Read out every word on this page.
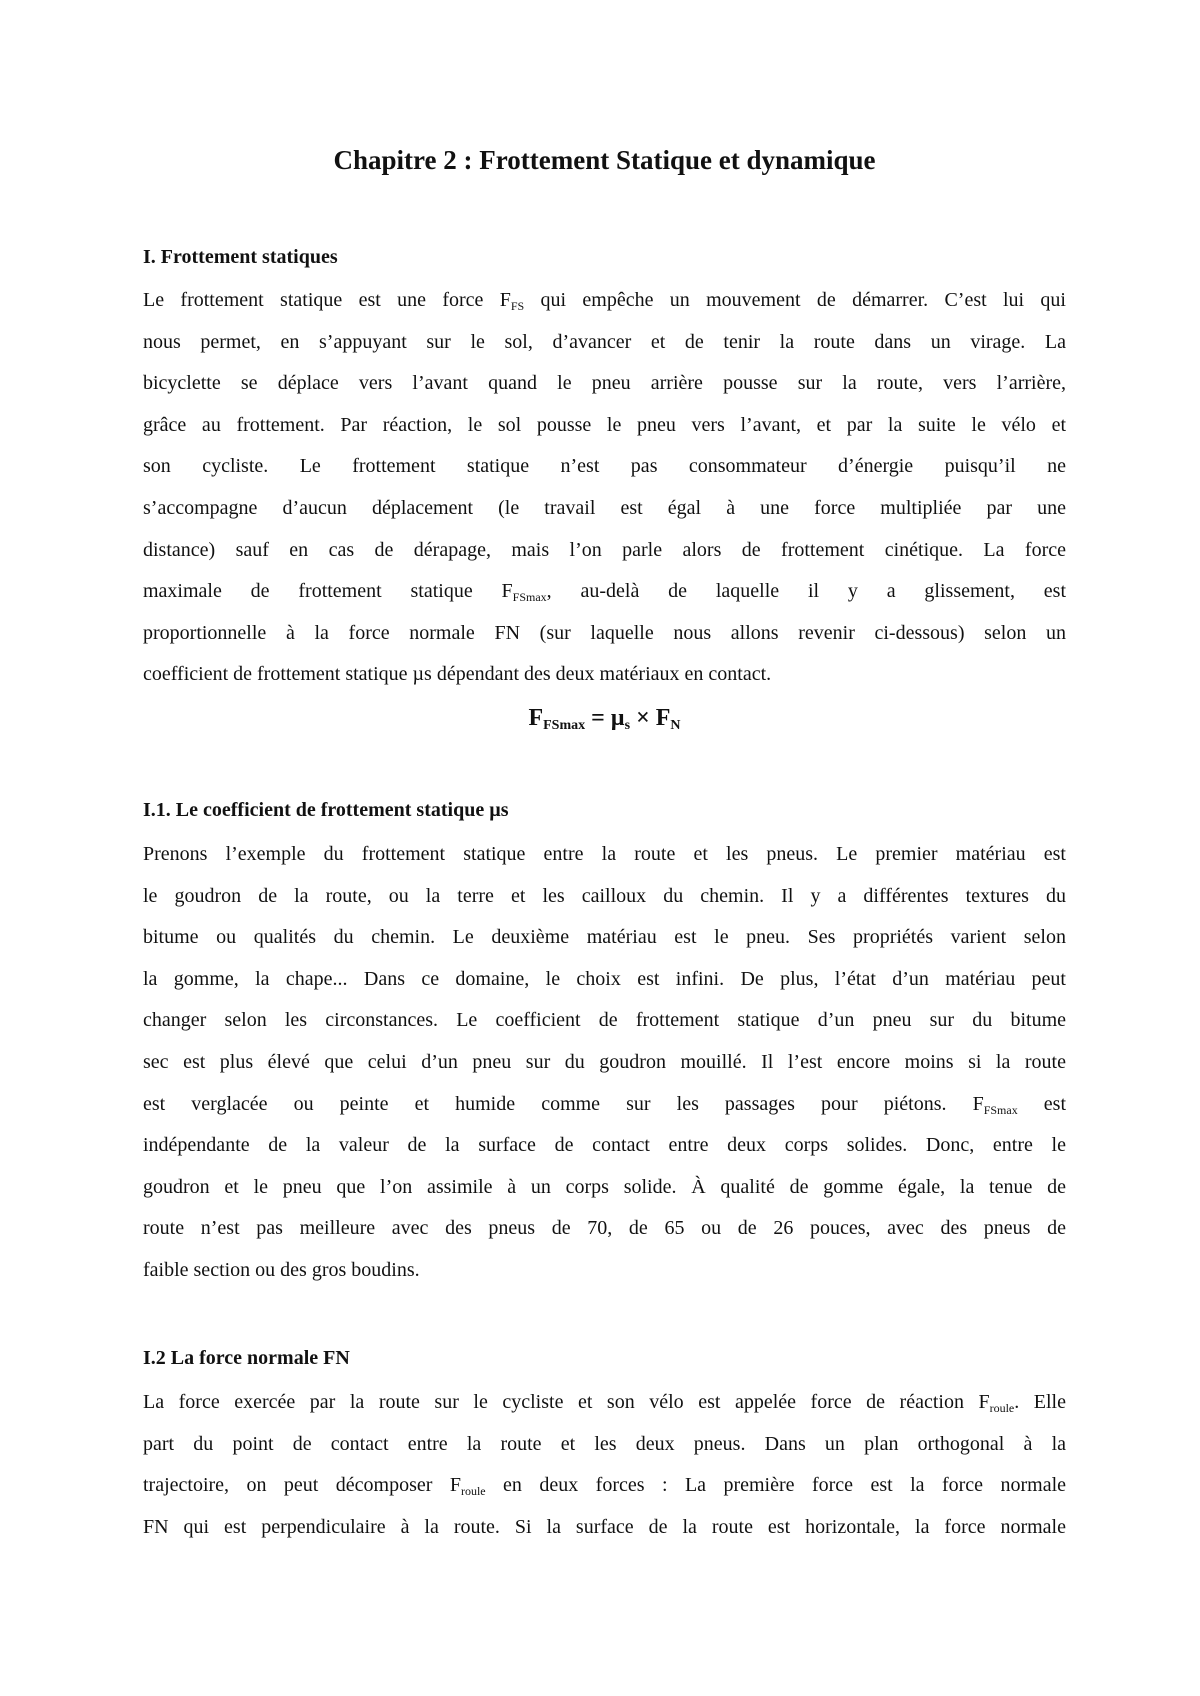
Chapitre 2 : Frottement Statique et dynamique
I. Frottement statiques
Le frottement statique est une force $F_{FS}$ qui empêche un mouvement de démarrer. C’est lui qui
nous permet, en s’appuyant sur le sol, d’avancer et de tenir la route dans un virage. La
bicyclette se déplace vers l’avant quand le pneu arrière pousse sur la route, vers l’arrière,
grâce au frottement. Par réaction, le sol pousse le pneu vers l’avant, et par la suite le vélo et
son cycliste. Le frottement statique n’est pas consommateur d’énergie puisqu’il ne
s’accompagne d’aucun déplacement (le travail est égal à une force multipliée par une
distance) sauf en cas de dérapage, mais l’on parle alors de frottement cinétique. La force
maximale de frottement statique $F_{FSmax}$, au-delà de laquelle il y a glissement, est
proportionnelle à la force normale FN (sur laquelle nous allons revenir ci-dessous) selon un
coefficient de frottement statique µs dépendant des deux matériaux en contact.
$F_{FSmax} = \mu_s \times F_N$
I.1. Le coefficient de frottement statique µs
Prenons l’exemple du frottement statique entre la route et les pneus. Le premier matériau est
le goudron de la route, ou la terre et les cailloux du chemin. Il y a différentes textures du
bitume ou qualités du chemin. Le deuxième matériau est le pneu. Ses propriétés varient selon
la gomme, la chape... Dans ce domaine, le choix est infini. De plus, l’état d’un matériau peut
changer selon les circonstances. Le coefficient de frottement statique d’un pneu sur du bitume
sec est plus élevé que celui d’un pneu sur du goudron mouillé. Il l’est encore moins si la route
est verglacée ou peinte et humide comme sur les passages pour piétons. $F_{FSmax}$ est
indépendante de la valeur de la surface de contact entre deux corps solides. Donc, entre le
goudron et le pneu que l’on assimile à un corps solide. À qualité de gomme égale, la tenue de
route n’est pas meilleure avec des pneus de 70, de 65 ou de 26 pouces, avec des pneus de
faible section ou des gros boudins.
I.2 La force normale FN
La force exercée par la route sur le cycliste et son vélo est appelée force de réaction $F_{roule}$. Elle
part du point de contact entre la route et les deux pneus. Dans un plan orthogonal à la
trajectoire, on peut décomposer $F_{roule}$ en deux forces : La première force est la force normale
FN qui est perpendiculaire à la route. Si la surface de la route est horizontale, la force normale
